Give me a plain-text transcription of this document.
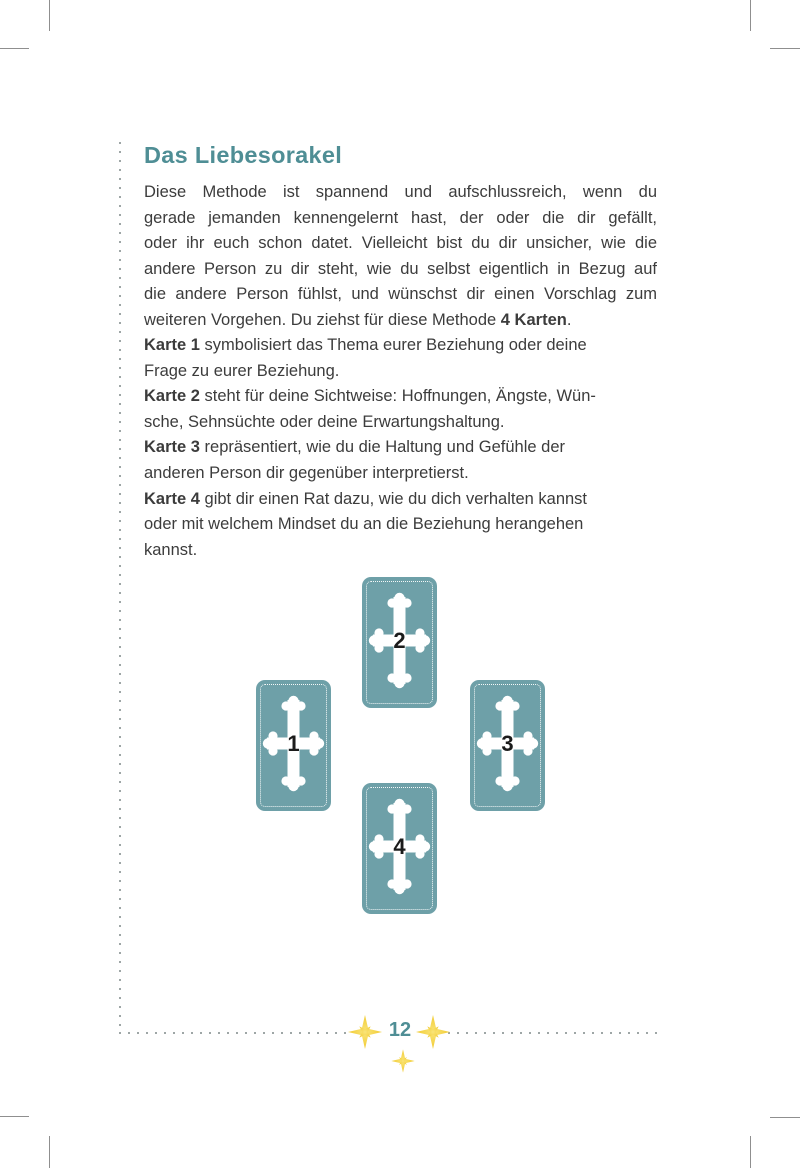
Das Liebesorakel
Diese Methode ist spannend und aufschlussreich, wenn du
gerade jemanden kennengelernt hast, der oder die dir gefällt,
oder ihr euch schon datet. Vielleicht bist du dir unsicher, wie die
andere Person zu dir steht, wie du selbst eigentlich in Bezug auf
die andere Person fühlst, und wünschst dir einen Vorschlag zum
weiteren Vorgehen. Du ziehst für diese Methode 4 Karten.
Karte 1 symbolisiert das Thema eurer Beziehung oder deine
Frage zu eurer Beziehung.
Karte 2 steht für deine Sichtweise: Hoffnungen, Ängste, Wün-
sche, Sehnsüchte oder deine Erwartungshaltung.
Karte 3 repräsentiert, wie du die Haltung und Gefühle der
anderen Person dir gegenüber interpretierst.
Karte 4 gibt dir einen Rat dazu, wie du dich verhalten kannst
oder mit welchem Mindset du an die Beziehung herangehen
kannst.
1
2
3
4
12
